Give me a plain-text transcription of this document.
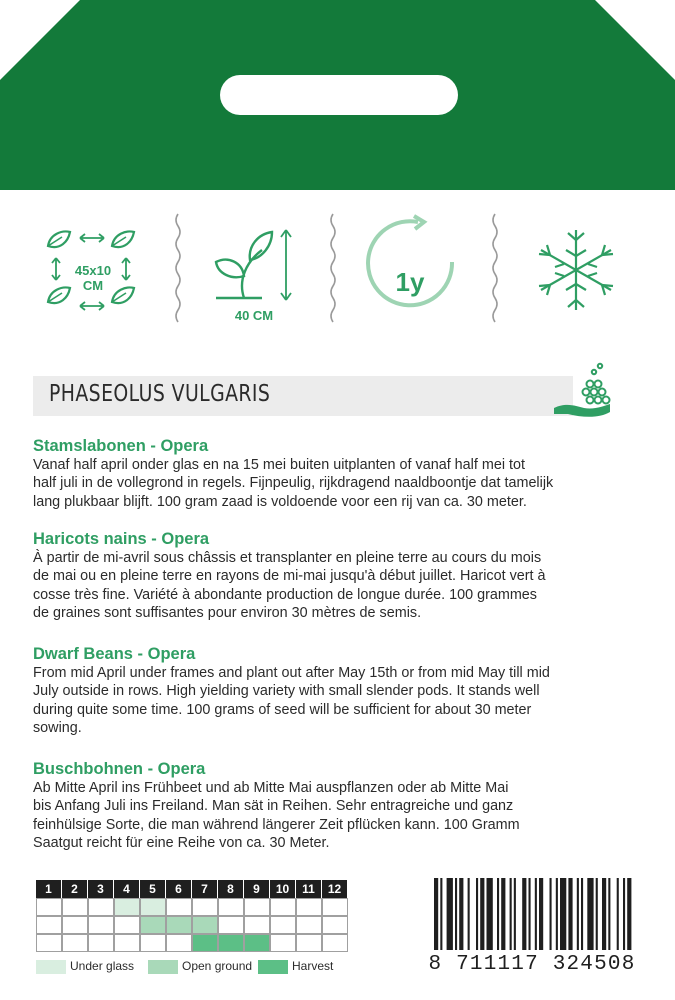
45x10
CM
40 CM
1y
PHASEOLUS VULGARIS
Stamslabonen - Opera
Vanaf half april onder glas en na 15 mei buiten uitplanten of vanaf half mei tot
half juli in de vollegrond in regels. Fijnpeulig, rijkdragend naaldboontje dat tamelijk
lang plukbaar blijft. 100 gram zaad is voldoende voor een rij van ca. 30 meter.
Haricots nains - Opera
À partir de mi-avril sous châssis et transplanter en pleine terre au cours du mois
de mai ou en pleine terre en rayons de mi-mai jusqu'à début juillet. Haricot vert à
cosse très fine. Variété à abondante production de longue durée. 100 grammes
de graines sont suffisantes pour environ 30 mètres de semis.
Dwarf Beans - Opera
From mid April under frames and plant out after May 15th or from mid May till mid
July outside in rows. High yielding variety with small slender pods. It stands well
during quite some time. 100 grams of seed will be sufficient for about 30 meter
sowing.
Buschbohnen - Opera
Ab Mitte April ins Frühbeet und ab Mitte Mai auspflanzen oder ab Mitte Mai
bis Anfang Juli ins Freiland. Man sät in Reihen. Sehr entragreiche und ganz
feinhülsige Sorte, die man während längerer Zeit pflücken kann. 100 Gramm
Saatgut reicht für eine Reihe von ca. 30 Meter.
1	2	3	4	5	6	7	8	9	10	11	12
Under glass	Open ground	Harvest	8 711117 324508
